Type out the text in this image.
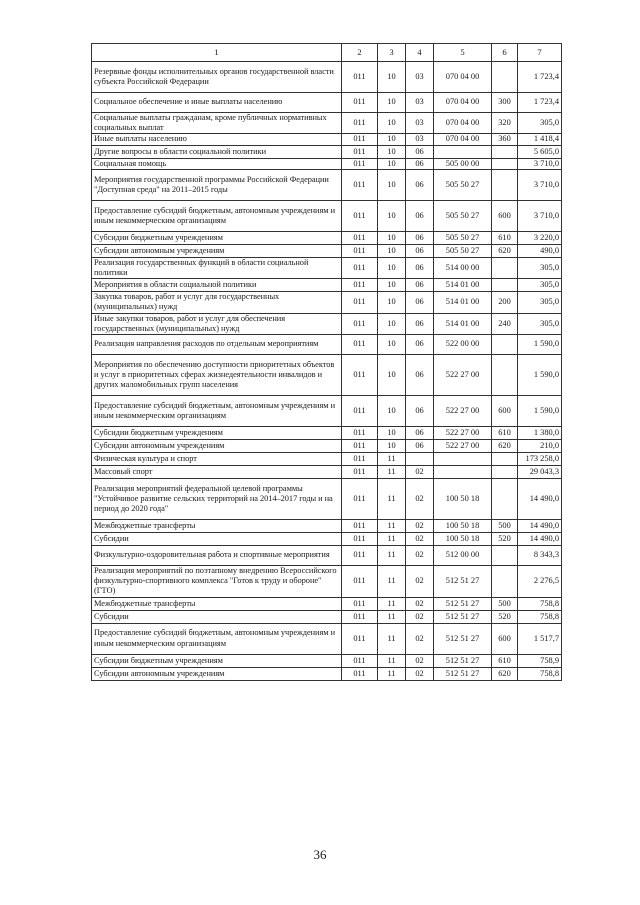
1	2	3	4	5	6	7
Резервные фонды исполнительных органов государственной власти субъекта Российской Федерации	011	10	03	070 04 00		1 723,4
Социальное обеспечение и иные выплаты населению	011	10	03	070 04 00	300	1 723,4
Социальные выплаты гражданам, кроме публичных нормативных социальных выплат	011	10	03	070 04 00	320	305,0
Иные выплаты населению	011	10	03	070 04 00	360	1 418,4
Другие вопросы в области социальной политики	011	10	06			5 605,0
Социальная помощь	011	10	06	505 00 00		3 710,0
Мероприятия государственной программы Российской Федерации "Доступная среда" на 2011–2015 годы	011	10	06	505 50 27		3 710,0
Предоставление субсидий бюджетным, автономным учреждениям и иным некоммерческим организациям	011	10	06	505 50 27	600	3 710,0
Субсидии бюджетным учреждениям	011	10	06	505 50 27	610	3 220,0
Субсидии автономным учреждениям	011	10	06	505 50 27	620	490,0
Реализация государственных функций в области социальной политики	011	10	06	514 00 00		305,0
Мероприятия в области социальной политики	011	10	06	514 01 00		305,0
Закупка товаров, работ и услуг для государственных (муниципальных) нужд	011	10	06	514 01 00	200	305,0
Иные закупки товаров, работ и услуг для обеспечения государственных (муниципальных) нужд	011	10	06	514 01 00	240	305,0
Реализация направления расходов по отдельным мероприятиям	011	10	06	522 00 00		1 590,0
Мероприятия по обеспечению доступности приоритетных объектов и услуг в приоритетных сферах жизнедеятельности инвалидов и других маломобильных групп населения	011	10	06	522 27 00		1 590,0
Предоставление субсидий бюджетным, автономным учреждениям и иным некоммерческим организациям	011	10	06	522 27 00	600	1 590,0
Субсидии бюджетным учреждениям	011	10	06	522 27 00	610	1 380,0
Субсидии автономным учреждениям	011	10	06	522 27 00	620	210,0
Физическая культура и спорт	011	11				173 258,0
Массовый спорт	011	11	02			29 043,3
Реализация мероприятий федеральной целевой программы "Устойчивое развитие сельских территорий на 2014–2017 годы и на период до 2020 года"	011	11	02	100 50 18		14 490,0
Межбюджетные трансферты	011	11	02	100 50 18	500	14 490,0
Субсидии	011	11	02	100 50 18	520	14 490,0
Физкультурно-оздоровительная работа и спортивные мероприятия	011	11	02	512 00 00		8 343,3
Реализация мероприятий по поэтапному внедрению Всероссийского физкультурно-спортивного комплекса "Готов к труду и обороне" (ГТО)	011	11	02	512 51 27		2 276,5
Межбюджетные трансферты	011	11	02	512 51 27	500	758,8
Субсидии	011	11	02	512 51 27	520	758,8
Предоставление субсидий бюджетным, автономным учреждениям и иным некоммерческим организациям	011	11	02	512 51 27	600	1 517,7
Субсидии бюджетным учреждениям	011	11	02	512 51 27	610	758,9
Субсидии автономным учреждениям	011	11	02	512 51 27	620	758,8
36
